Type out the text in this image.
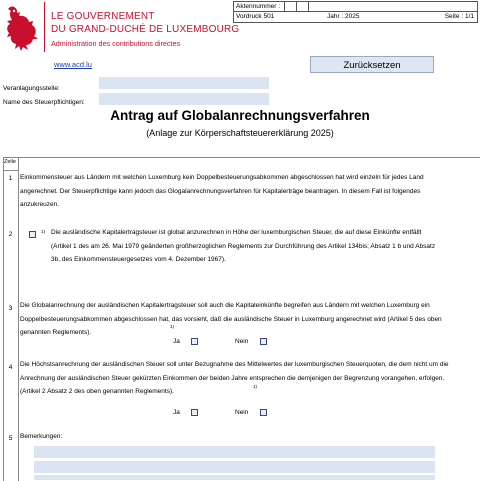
LE GOUVERNEMENT
DU GRAND-DUCHÉ DE LUXEMBOURG
Administration des contributions directes
Aktennummer :
Vordruck 501	Jahr : 2025	Seite : 1/1
www.acd.lu	Zurücksetzen
Veranlagungsstelle:
Name des Steuerpflichtigen:
Antrag auf Globalanrechnungsverfahren
(Anlage zur Körperschaftsteuererklärung 2025)
Zeile
1	Einkommensteuer aus Ländern mit welchen Luxemburg kein Doppelbesteuerungsabkommen abgeschlossen hat wird einzeln für jedes Land angerechnet. Der Steuerpflichtige kann jedoch das Glogalanrechnungsverfahren für Kapitalerträge beantragen. In diesem Fall ist folgendes anzukreuzen.
2	1) Die ausländische Kapitalertragsteuer ist global anzurechnen in Höhe der luxemburgischen Steuer, die auf diese Einkünfte entfällt (Artikel 1 des am 26. Mai 1979 geänderten großherzoglichen Reglements zur Durchführung des Artikel 134bis; Absatz 1 b und Absatz 3b, des Einkommensteuergesetzes vom 4. Dezember 1967).
3	Die Globalanrechnung der ausländischen Kapitalertragsteuer soll auch die Kapitaleinkünfte begreifen aus Ländern mit welchen Luxemburg ein Doppelbesteuerungsabkommen abgeschlossen hat, das vorsieht, daß die ausländische Steuer in Luxemburg angerechnet wird (Artikel 5 des oben genannten Reglements).
1)
Ja	Nein
4	Die Höchstsanrechnung der ausländischen Steuer soll unter Bezugnahme des Mittelwertes der luxemburgischen Steuerquoten, die dem nicht um die Anrechnung der ausländischen Steuer gekürzten Einkommen der beiden Jahre entsprechen die demjenigen der Begrenzung vorangehen, erfolgen. (Artikel 2 Absatz 2 des oben genannten Reglements).
1)
Ja	Nein
5	Bemerkungen:
